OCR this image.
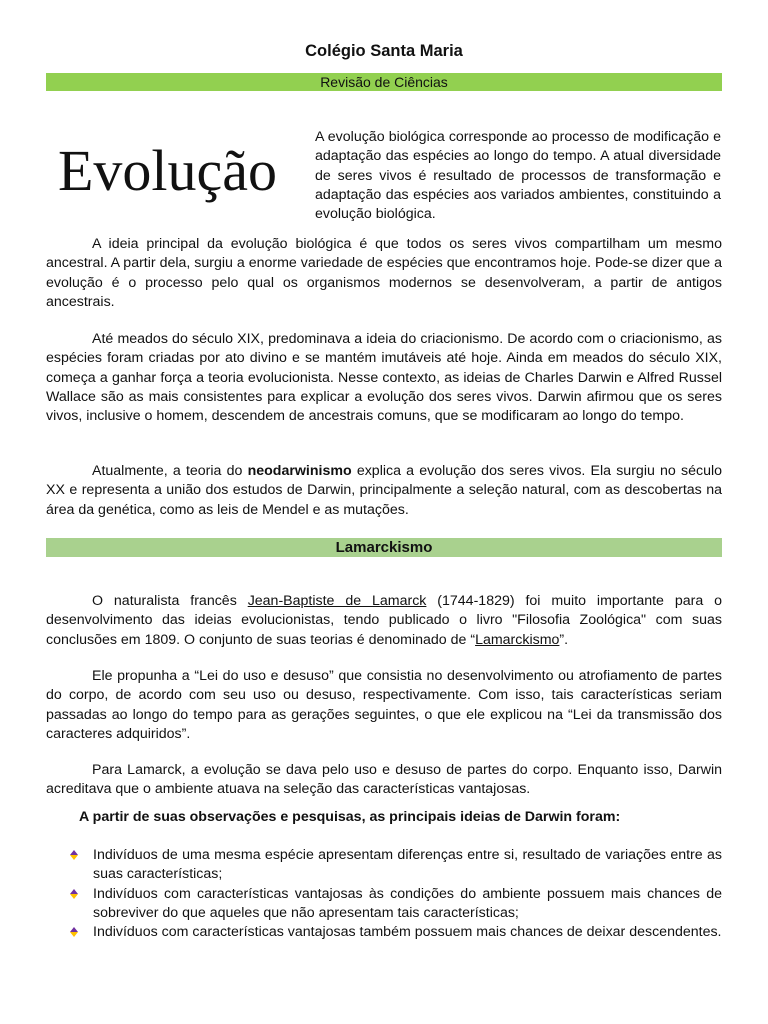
Colégio Santa Maria
Revisão de Ciências
Evolução

A evolução biológica corresponde ao processo de modificação e adaptação das espécies ao longo do tempo. A atual diversidade de seres vivos é resultado de processos de transformação e adaptação das espécies aos variados ambientes, constituindo a evolução biológica.

A ideia principal da evolução biológica é que todos os seres vivos compartilham um mesmo ancestral. A partir dela, surgiu a enorme variedade de espécies que encontramos hoje. Pode-se dizer que a evolução é o processo pelo qual os organismos modernos se desenvolveram, a partir de antigos ancestrais.

Até meados do século XIX, predominava a ideia do criacionismo. De acordo com o criacionismo, as espécies foram criadas por ato divino e se mantém imutáveis até hoje. Ainda em meados do século XIX, começa a ganhar força a teoria evolucionista. Nesse contexto, as ideias de Charles Darwin e Alfred Russel Wallace são as mais consistentes para explicar a evolução dos seres vivos. Darwin afirmou que os seres vivos, inclusive o homem, descendem de ancestrais comuns, que se modificaram ao longo do tempo.

Atualmente, a teoria do neodarwinismo explica a evolução dos seres vivos. Ela surgiu no século XX e representa a união dos estudos de Darwin, principalmente a seleção natural, com as descobertas na área da genética, como as leis de Mendel e as mutações.

Lamarckismo

O naturalista francês Jean-Baptiste de Lamarck (1744-1829) foi muito importante para o desenvolvimento das ideias evolucionistas, tendo publicado o livro "Filosofia Zoológica" com suas conclusões em 1809. O conjunto de suas teorias é denominado de “Lamarckismo”.

Ele propunha a “Lei do uso e desuso” que consistia no desenvolvimento ou atrofiamento de partes do corpo, de acordo com seu uso ou desuso, respectivamente. Com isso, tais características seriam passadas ao longo do tempo para as gerações seguintes, o que ele explicou na “Lei da transmissão dos caracteres adquiridos”.

Para Lamarck, a evolução se dava pelo uso e desuso de partes do corpo. Enquanto isso, Darwin acreditava que o ambiente atuava na seleção das características vantajosas.

A partir de suas observações e pesquisas, as principais ideias de Darwin foram:

Indivíduos de uma mesma espécie apresentam diferenças entre si, resultado de variações entre as suas características;
Indivíduos com características vantajosas às condições do ambiente possuem mais chances de sobreviver do que aqueles que não apresentam tais características;
Indivíduos com características vantajosas também possuem mais chances de deixar descendentes.
